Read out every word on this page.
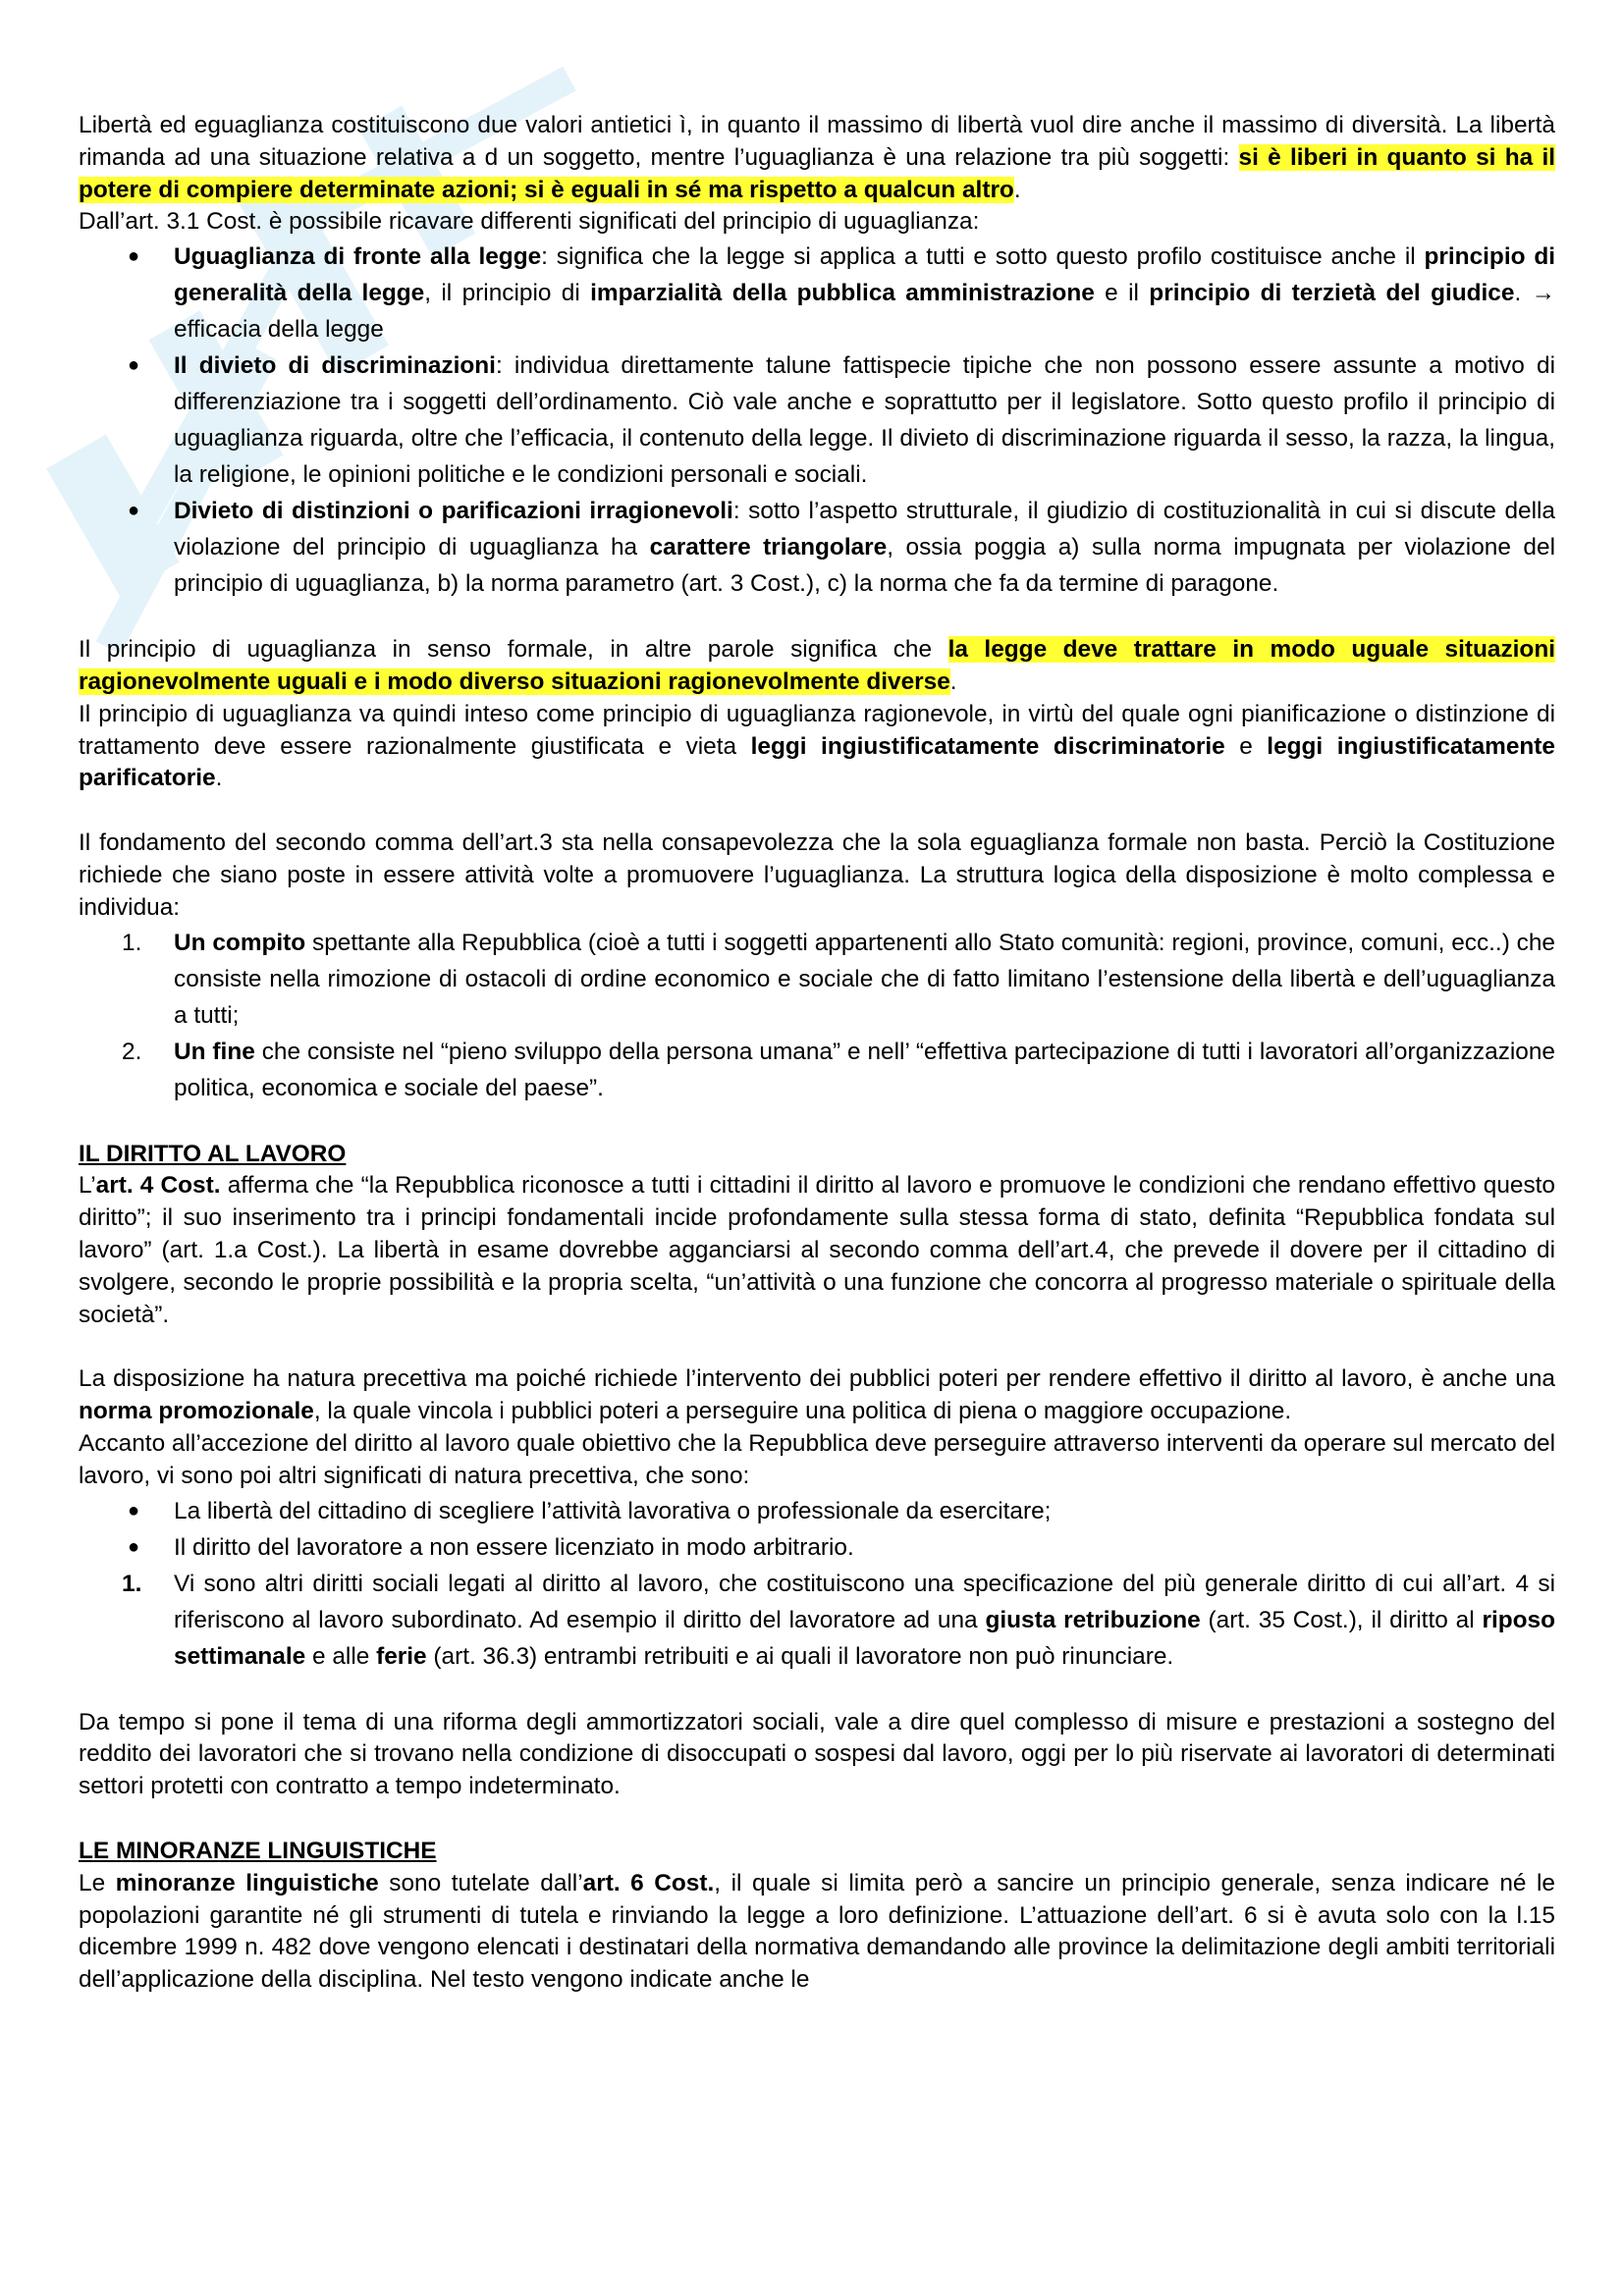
Libertà ed eguaglianza costituiscono due valori antietici ì, in quanto il massimo di libertà vuol dire anche il massimo di diversità. La libertà rimanda ad una situazione relativa a d un soggetto, mentre l’uguaglianza è una relazione tra più soggetti: si è liberi in quanto si ha il potere di compiere determinate azioni; si è eguali in sé ma rispetto a qualcun altro.

Dall’art. 3.1 Cost. è possibile ricavare differenti significati del principio di uguaglianza:

● Uguaglianza di fronte alla legge: significa che la legge si applica a tutti e sotto questo profilo costituisce anche il principio di generalità della legge, il principio di imparzialità della pubblica amministrazione e il principio di terzietà del giudice. → efficacia della legge
● Il divieto di discriminazioni: individua direttamente talune fattispecie tipiche che non possono essere assunte a motivo di differenziazione tra i soggetti dell’ordinamento. Ciò vale anche e soprattutto per il legislatore. Sotto questo profilo il principio di uguaglianza riguarda, oltre che l’efficacia, il contenuto della legge. Il divieto di discriminazione riguarda il sesso, la razza, la lingua, la religione, le opinioni politiche e le condizioni personali e sociali.
● Divieto di distinzioni o parificazioni irragionevoli: sotto l’aspetto strutturale, il giudizio di costituzionalità in cui si discute della violazione del principio di uguaglianza ha carattere triangolare, ossia poggia a) sulla norma impugnata per violazione del principio di uguaglianza, b) la norma parametro (art. 3 Cost.), c) la norma che fa da termine di paragone.

Il principio di uguaglianza in senso formale, in altre parole significa che la legge deve trattare in modo uguale situazioni ragionevolmente uguali e i modo diverso situazioni ragionevolmente diverse.

Il principio di uguaglianza va quindi inteso come principio di uguaglianza ragionevole, in virtù del quale ogni pianificazione o distinzione di trattamento deve essere razionalmente giustificata e vieta leggi ingiustificatamente discriminatorie e leggi ingiustificatamente parificatorie.

Il fondamento del secondo comma dell’art.3 sta nella consapevolezza che la sola eguaglianza formale non basta. Perciò la Costituzione richiede che siano poste in essere attività volte a promuovere l’uguaglianza. La struttura logica della disposizione è molto complessa e individua:

1. Un compito spettante alla Repubblica (cioè a tutti i soggetti appartenenti allo Stato comunità: regioni, province, comuni, ecc..) che consiste nella rimozione di ostacoli di ordine economico e sociale che di fatto limitano l’estensione della libertà e dell’uguaglianza a tutti;
2. Un fine che consiste nel “pieno sviluppo della persona umana” e nell’ “effettiva partecipazione di tutti i lavoratori all’organizzazione politica, economica e sociale del paese”.

IL DIRITTO AL LAVORO

L’art. 4 Cost. afferma che “la Repubblica riconosce a tutti i cittadini il diritto al lavoro e promuove le condizioni che rendano effettivo questo diritto”; il suo inserimento tra i principi fondamentali incide profondamente sulla stessa forma di stato, definita “Repubblica fondata sul lavoro” (art. 1.a Cost.). La libertà in esame dovrebbe agganciarsi al secondo comma dell’art.4, che prevede il dovere per il cittadino di svolgere, secondo le proprie possibilità e la propria scelta, “un’attività o una funzione che concorra al progresso materiale o spirituale della società”.

La disposizione ha natura precettiva ma poiché richiede l’intervento dei pubblici poteri per rendere effettivo il diritto al lavoro, è anche una norma promozionale, la quale vincola i pubblici poteri a perseguire una politica di piena o maggiore occupazione.

Accanto all’accezione del diritto al lavoro quale obiettivo che la Repubblica deve perseguire attraverso interventi da operare sul mercato del lavoro, vi sono poi altri significati di natura precettiva, che sono:

● La libertà del cittadino di scegliere l’attività lavorativa o professionale da esercitare;
● Il diritto del lavoratore a non essere licenziato in modo arbitrario.
1. Vi sono altri diritti sociali legati al diritto al lavoro, che costituiscono una specificazione del più generale diritto di cui all’art. 4 si riferiscono al lavoro subordinato. Ad esempio il diritto del lavoratore ad una giusta retribuzione (art. 35 Cost.), il diritto al riposo settimanale e alle ferie (art. 36.3) entrambi retribuiti e ai quali il lavoratore non può rinunciare.

Da tempo si pone il tema di una riforma degli ammortizzatori sociali, vale a dire quel complesso di misure e prestazioni a sostegno del reddito dei lavoratori che si trovano nella condizione di disoccupati o sospesi dal lavoro, oggi per lo più riservate ai lavoratori di determinati settori protetti con contratto a tempo indeterminato.

LE MINORANZE LINGUISTICHE

Le minoranze linguistiche sono tutelate dall’art. 6 Cost., il quale si limita però a sancire un principio generale, senza indicare né le popolazioni garantite né gli strumenti di tutela e rinviando la legge a loro definizione. L’attuazione dell’art. 6 si è avuta solo con la l.15 dicembre 1999 n. 482 dove vengono elencati i destinatari della normativa demandando alle province la delimitazione degli ambiti territoriali dell’applicazione della disciplina. Nel testo vengono indicate anche le
